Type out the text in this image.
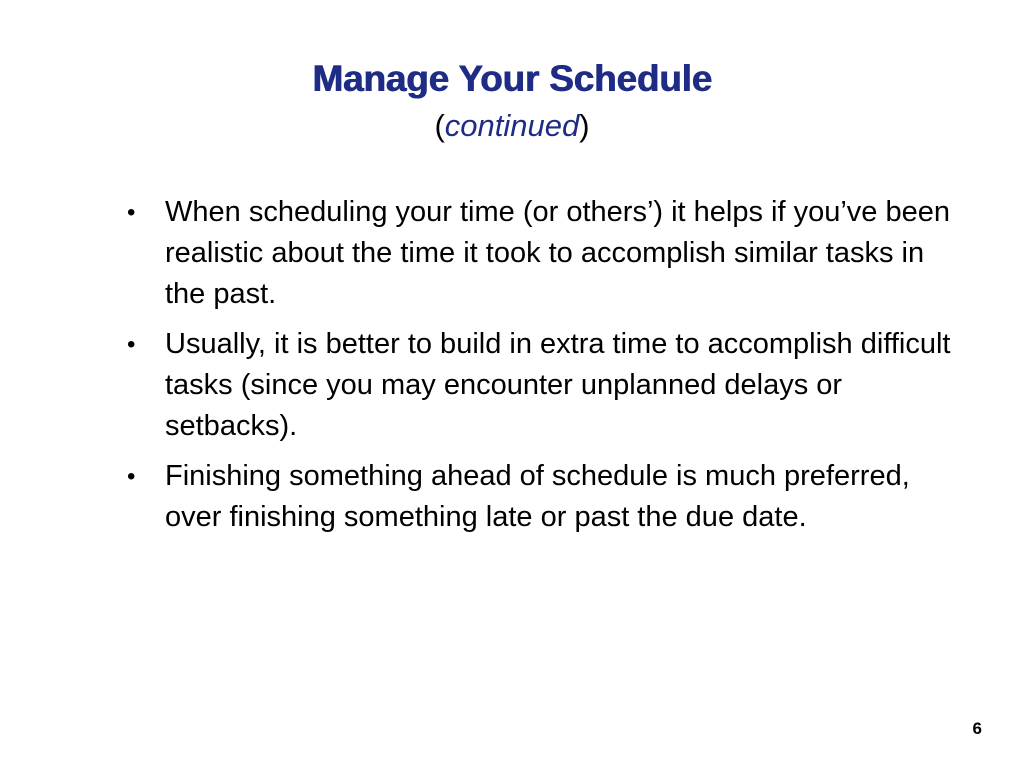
Manage Your Schedule
(continued)
• When scheduling your time (or others’) it helps if you’ve been realistic about the time it took to accomplish similar tasks in the past.
• Usually, it is better to build in extra time to accomplish difficult tasks (since you may encounter unplanned delays or setbacks).
• Finishing something ahead of schedule is much preferred, over finishing something late or past the due date.
6
